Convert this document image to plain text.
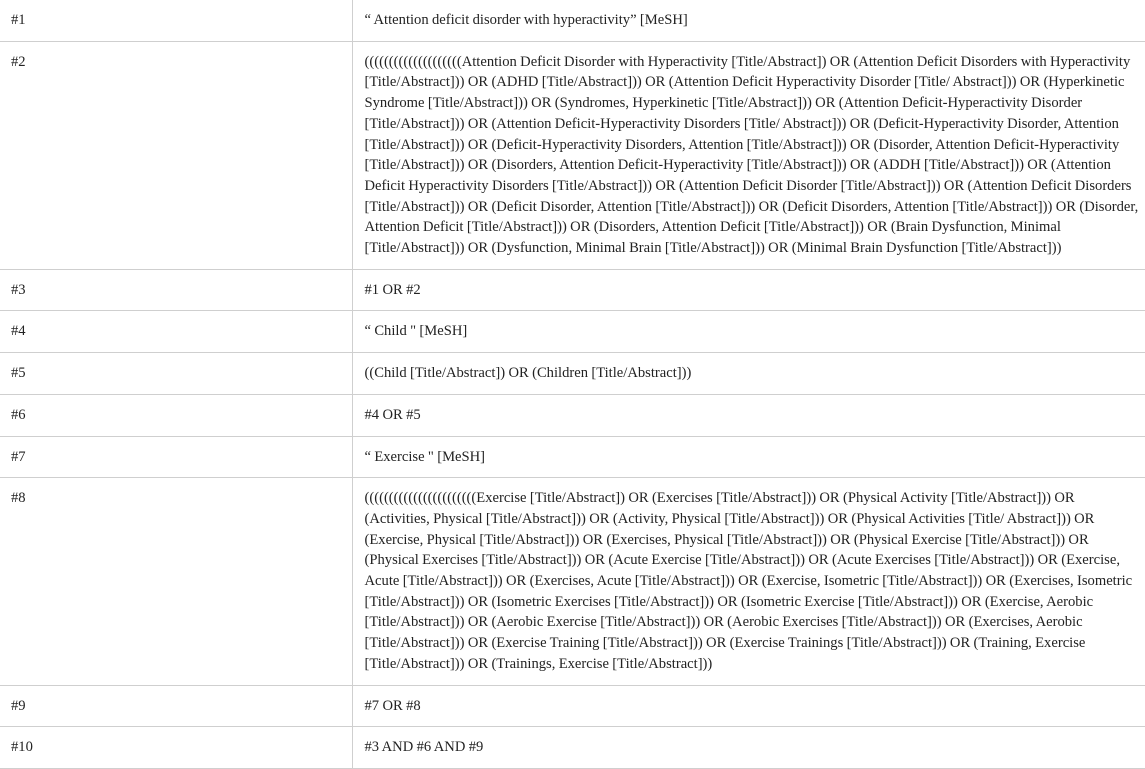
#1	“ Attention deficit disorder with hyperactivity” [MeSH]
#2	((((((((((((((((((((Attention Deficit Disorder with Hyperactivity [Title/Abstract]) OR (Attention Deficit Disorders with Hyperactivity [Title/Abstract])) OR (ADHD [Title/Abstract])) OR (Attention Deficit Hyperactivity Disorder [Title/ Abstract])) OR (Hyperkinetic Syndrome [Title/Abstract])) OR (Syndromes, Hyperkinetic [Title/Abstract])) OR (Attention Deficit-Hyperactivity Disorder [Title/Abstract])) OR (Attention Deficit-Hyperactivity Disorders [Title/ Abstract])) OR (Deficit-Hyperactivity Disorder, Attention [Title/Abstract])) OR (Deficit-Hyperactivity Disorders, Attention [Title/Abstract])) OR (Disorder, Attention Deficit-Hyperactivity [Title/Abstract])) OR (Disorders, Attention Deficit-Hyperactivity [Title/Abstract])) OR (ADDH [Title/Abstract])) OR (Attention Deficit Hyperactivity Disorders [Title/Abstract])) OR (Attention Deficit Disorder [Title/Abstract])) OR (Attention Deficit Disorders [Title/Abstract])) OR (Deficit Disorder, Attention [Title/Abstract])) OR (Deficit Disorders, Attention [Title/Abstract])) OR (Disorder, Attention Deficit [Title/Abstract])) OR (Disorders, Attention Deficit [Title/Abstract])) OR (Brain Dysfunction, Minimal [Title/Abstract])) OR (Dysfunction, Minimal Brain [Title/Abstract])) OR (Minimal Brain Dysfunction [Title/Abstract]))
#3	#1 OR #2
#4	“ Child " [MeSH]
#5	((Child [Title/Abstract]) OR (Children [Title/Abstract]))
#6	#4 OR #5
#7	“ Exercise " [MeSH]
#8	(((((((((((((((((((((((Exercise [Title/Abstract]) OR (Exercises [Title/Abstract])) OR (Physical Activity [Title/Abstract])) OR (Activities, Physical [Title/Abstract])) OR (Activity, Physical [Title/Abstract])) OR (Physical Activities [Title/ Abstract])) OR (Exercise, Physical [Title/Abstract])) OR (Exercises, Physical [Title/Abstract])) OR (Physical Exercise [Title/Abstract])) OR (Physical Exercises [Title/Abstract])) OR (Acute Exercise [Title/Abstract])) OR (Acute Exercises [Title/Abstract])) OR (Exercise, Acute [Title/Abstract])) OR (Exercises, Acute [Title/Abstract])) OR (Exercise, Isometric [Title/Abstract])) OR (Exercises, Isometric [Title/Abstract])) OR (Isometric Exercises [Title/Abstract])) OR (Isometric Exercise [Title/Abstract])) OR (Exercise, Aerobic [Title/Abstract])) OR (Aerobic Exercise [Title/Abstract])) OR (Aerobic Exercises [Title/Abstract])) OR (Exercises, Aerobic [Title/Abstract])) OR (Exercise Training [Title/Abstract])) OR (Exercise Trainings [Title/Abstract])) OR (Training, Exercise [Title/Abstract])) OR (Trainings, Exercise [Title/Abstract]))
#9	#7 OR #8
#10	#3 AND #6 AND #9
